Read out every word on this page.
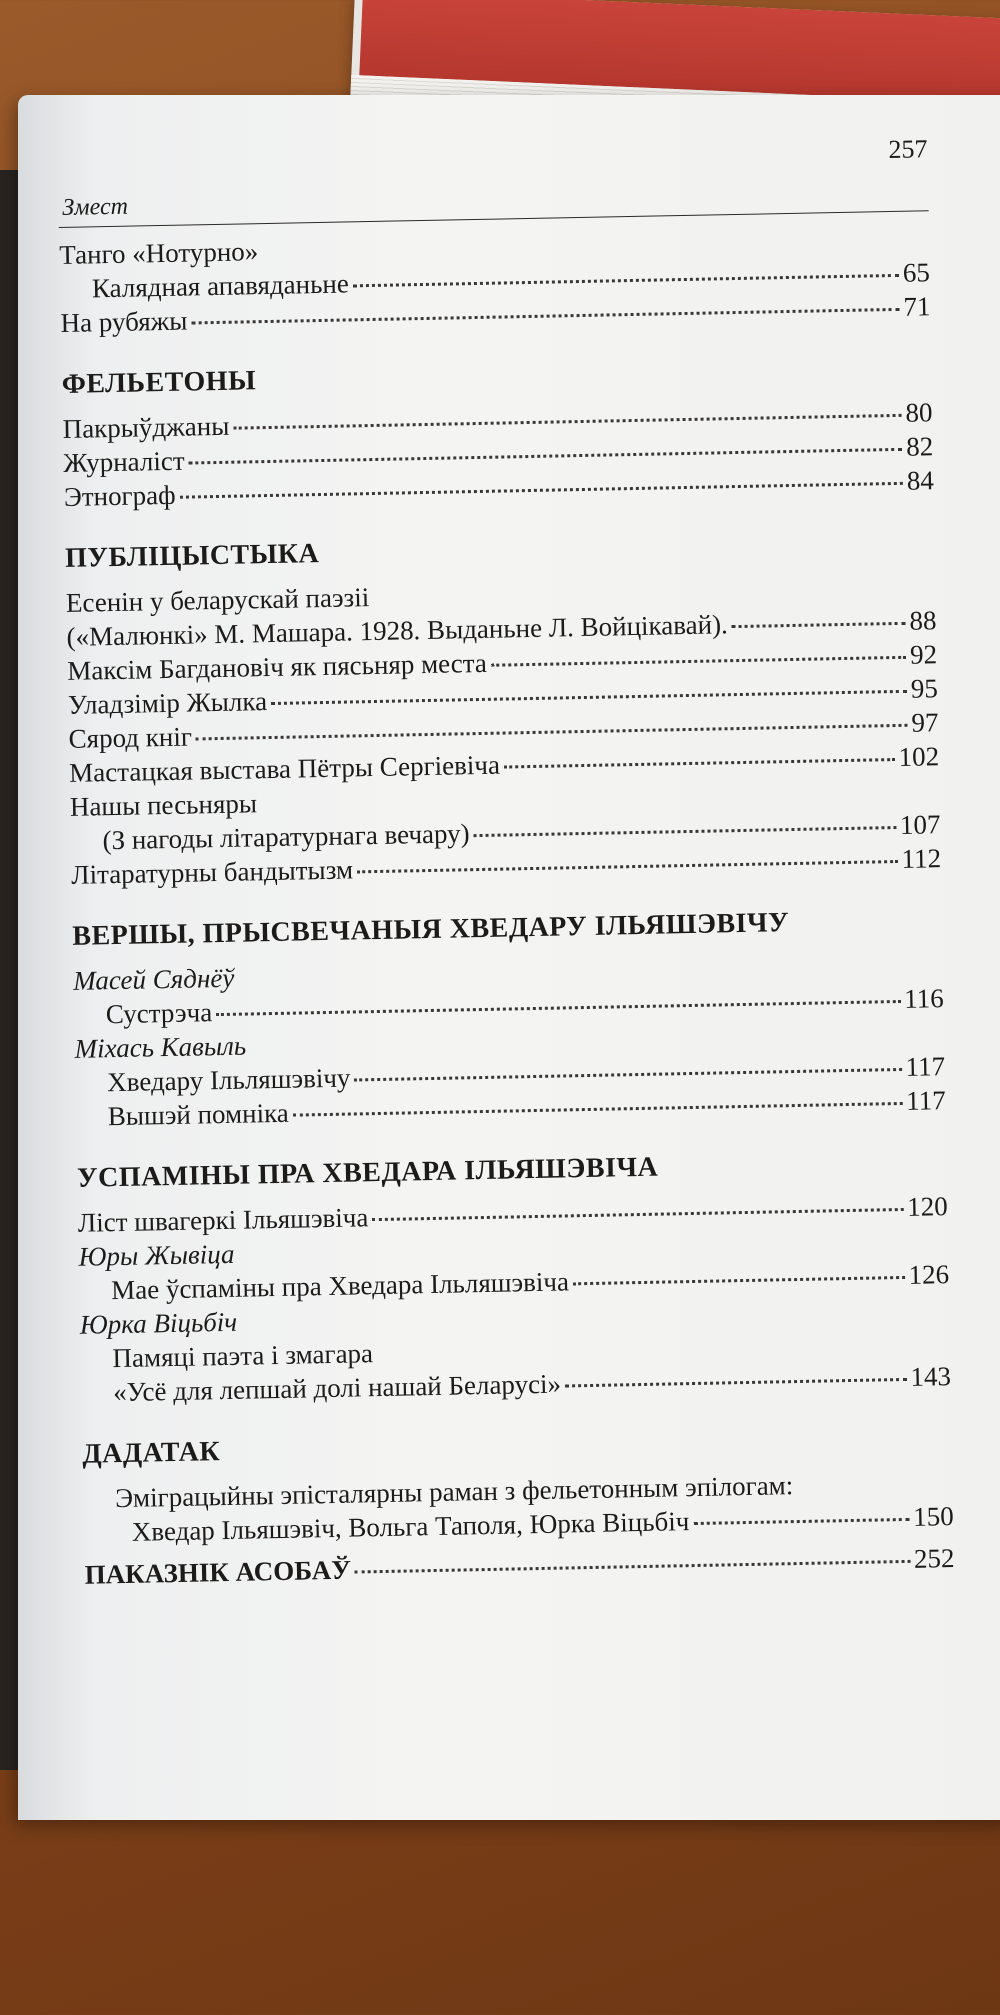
Змест
257
Танго «Нотурно»
Калядная апавяданьне	65
На рубяжы	71
ФЕЛЬЕТОНЫ
Пакрыўджаны	80
Журналіст	82
Этнограф	84
ПУБЛІЦЫСТЫКА
Есенін у беларускай паэзіі
(«Малюнкі» М. Машара. 1928. Выданьне Л. Войцікавай).	88
Максім Багдановіч як пясьняр места	92
Уладзімір Жылка	95
Сярод кніг	97
Мастацкая выстава Пётры Сергіевіча	102
Нашы песьняры
(З нагоды літаратурнага вечару)	107
Літаратурны бандытызм	112
ВЕРШЫ, ПРЫСВЕЧАНЫЯ ХВЕДАРУ ІЛЬЯШЭВІЧУ
Масей Сяднёў
Сустрэча	116
Міхась Кавыль
Хведару Ільляшэвічу	117
Вышэй помніка	117
УСПАМІНЫ ПРА ХВЕДАРА ІЛЬЯШЭВІЧА
Ліст швагеркі Ільяшэвіча	120
Юры Жывіца
Мае ўспаміны пра Хведара Ільляшэвіча	126
Юрка Віцьбіч
Памяці паэта і змагара
«Усё для лепшай долі нашай Беларусі»	143
ДАДАТАК
Эміграцыйны эпісталярны раман з фельетонным эпілогам:
Хведар Ільяшэвіч, Вольга Таполя, Юрка Віцьбіч	150
ПАКАЗНІК АСОБАЎ	252
